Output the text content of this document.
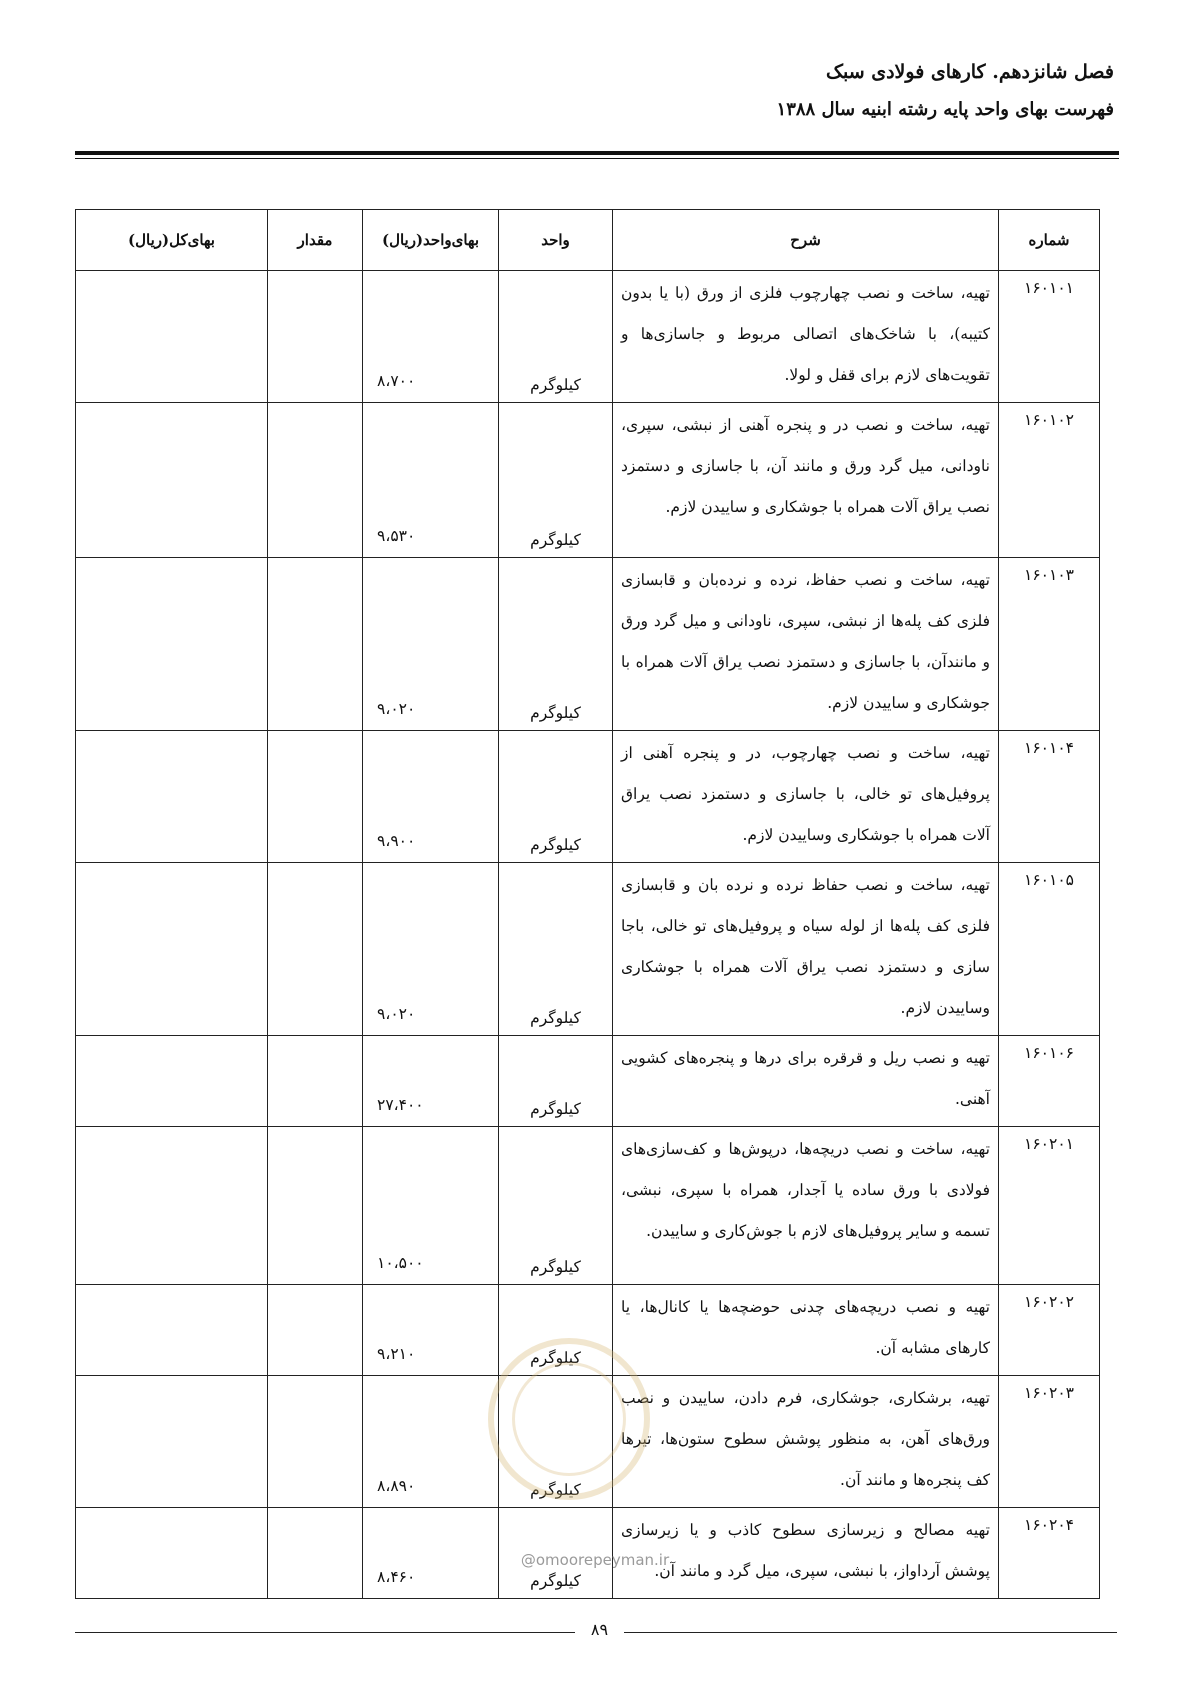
فصل شانزدهم. کارهای فولادی سبک
فهرست بهای واحد پایه رشته ابنیه سال ۱۳۸۸
شماره	شرح	واحد	بهای‌واحد(ریال)	مقدار	بهای‌کل(ریال)
۱۶۰۱۰۱	تهیه، ساخت و نصب چهارچوب فلزی از ورق (با یا بدون کتیبه)، با شاخک‌های اتصالی مربوط و جاسازی‌ها و تقویت‌های لازم برای قفل و لولا.	کیلوگرم	۸،۷۰۰		
۱۶۰۱۰۲	تهیه، ساخت و نصب در و پنجره آهنی از نبشی، سپری، ناودانی، میل گرد ورق و مانند آن، با جاسازی و دستمزد نصب یراق آلات همراه با جوشکاری و ساییدن لازم.	کیلوگرم	۹،۵۳۰		
۱۶۰۱۰۳	تهیه، ساخت و نصب حفاظ، نرده و نرده‌بان و قابسازی فلزی کف پله‌ها از نبشی، سپری، ناودانی و میل گرد ورق و مانندآن، با جاسازی و دستمزد نصب یراق آلات همراه با جوشکاری و ساییدن لازم.	کیلوگرم	۹،۰۲۰		
۱۶۰۱۰۴	تهیه، ساخت و نصب چهارچوب، در و پنجره آهنی از پروفیل‌های تو خالی، با جاسازی و دستمزد نصب یراق آلات همراه با جوشکاری وساییدن لازم.	کیلوگرم	۹،۹۰۰		
۱۶۰۱۰۵	تهیه، ساخت و نصب حفاظ نرده و نرده بان و قابسازی فلزی کف پله‌ها از لوله سیاه و پروفیل‌های تو خالی، باجا سازی و دستمزد نصب یراق آلات همراه با جوشکاری وساییدن لازم.	کیلوگرم	۹،۰۲۰		
۱۶۰۱۰۶	تهیه و نصب ریل و قرقره برای درها و پنجره‌های کشویی آهنی.	کیلوگرم	۲۷،۴۰۰		
۱۶۰۲۰۱	تهیه، ساخت و نصب دریچه‌ها، درپوش‌ها و کف‌سازی‌های فولادی با ورق ساده یا آجدار، همراه با سپری، نبشی، تسمه و سایر پروفیل‌های لازم با جوش‌کاری و ساییدن.	کیلوگرم	۱۰،۵۰۰		
۱۶۰۲۰۲	تهیه و نصب دریچه‌های چدنی حوضچه‌ها یا کانال‌ها، یا کارهای مشابه آن.	کیلوگرم	۹،۲۱۰		
۱۶۰۲۰۳	تهیه، برشکاری، جوشکاری، فرم دادن، ساییدن و نصب ورق‌های آهن، به منظور پوشش سطوح ستون‌ها، تیرها کف پنجره‌ها و مانند آن.	کیلوگرم	۸،۸۹۰		
۱۶۰۲۰۴	تهیه مصالح و زیرسازی سطوح کاذب و یا زیرسازی پوشش آرداواز، با نبشی، سپری، میل گرد و مانند آن.	کیلوگرم	۸،۴۶۰		
@omoorepeyman.ir
۸۹
